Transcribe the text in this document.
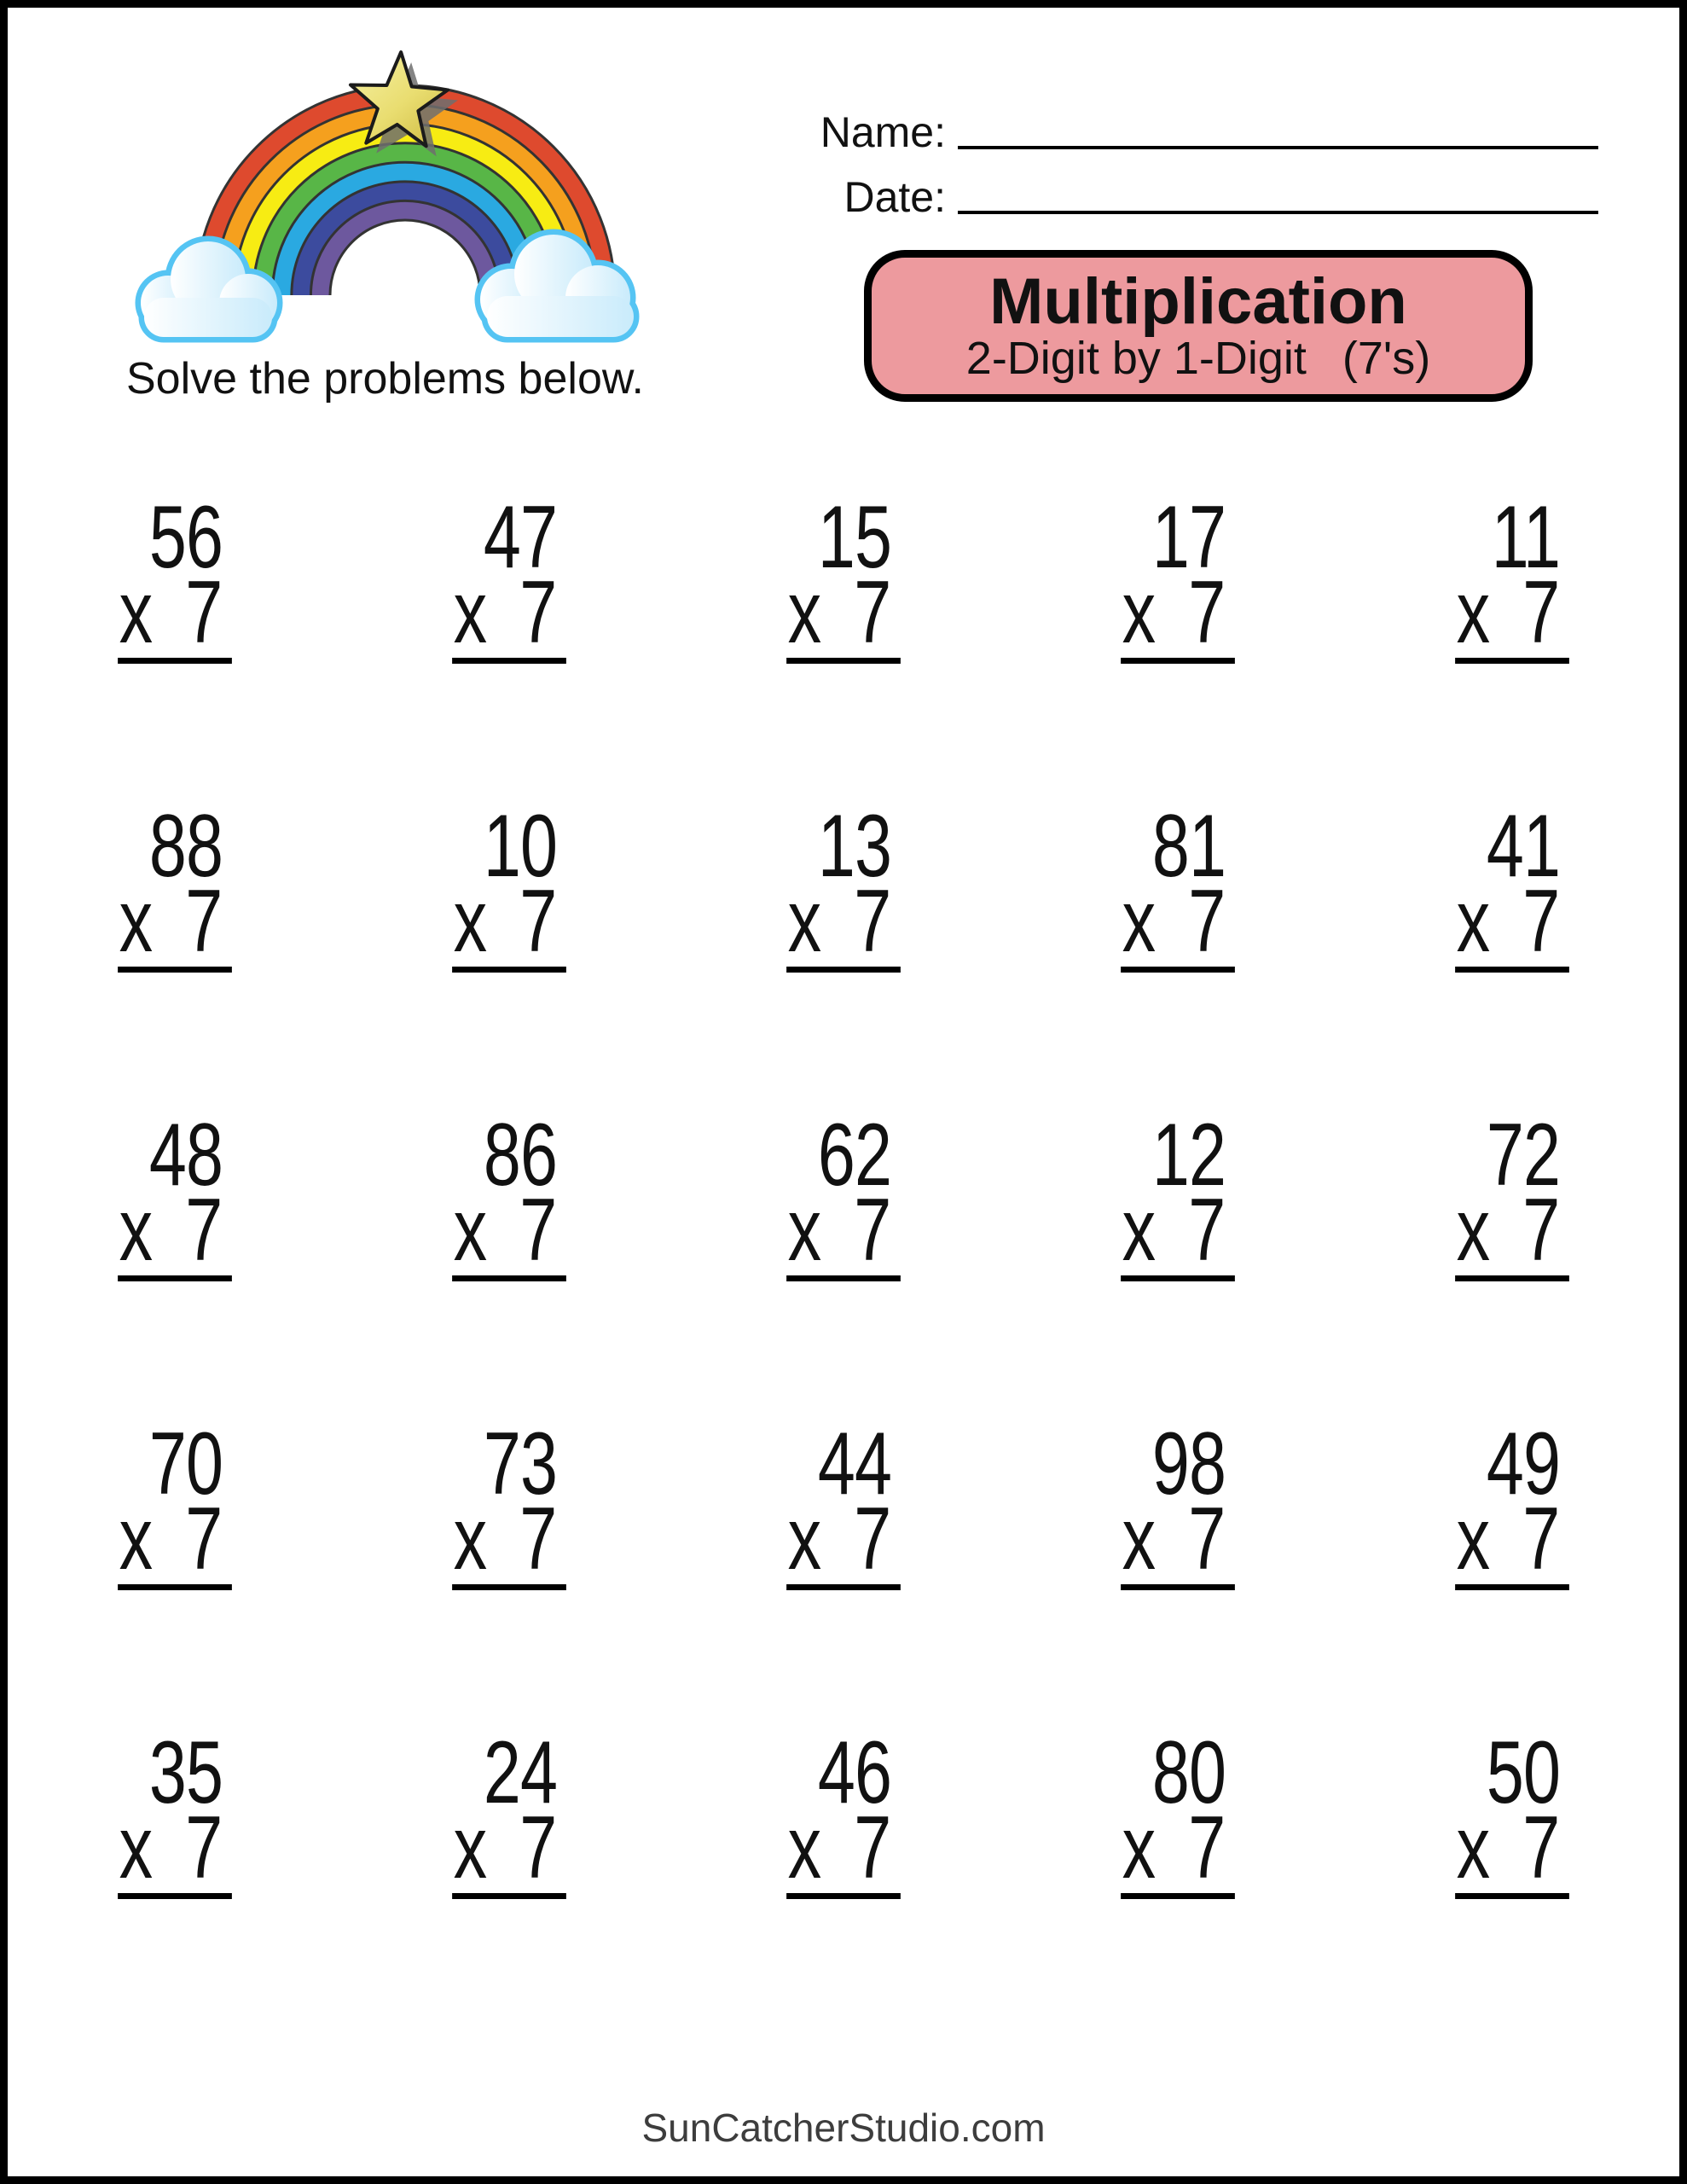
Solve the problems below.
Name:
Date:
Multiplication
2-Digit by 1-Digit (7's)
56
x 7
47
x 7
15
x 7
17
x 7
11
x 7
88
x 7
10
x 7
13
x 7
81
x 7
41
x 7
48
x 7
86
x 7
62
x 7
12
x 7
72
x 7
70
x 7
73
x 7
44
x 7
98
x 7
49
x 7
35
x 7
24
x 7
46
x 7
80
x 7
50
x 7
SunCatcherStudio.com
